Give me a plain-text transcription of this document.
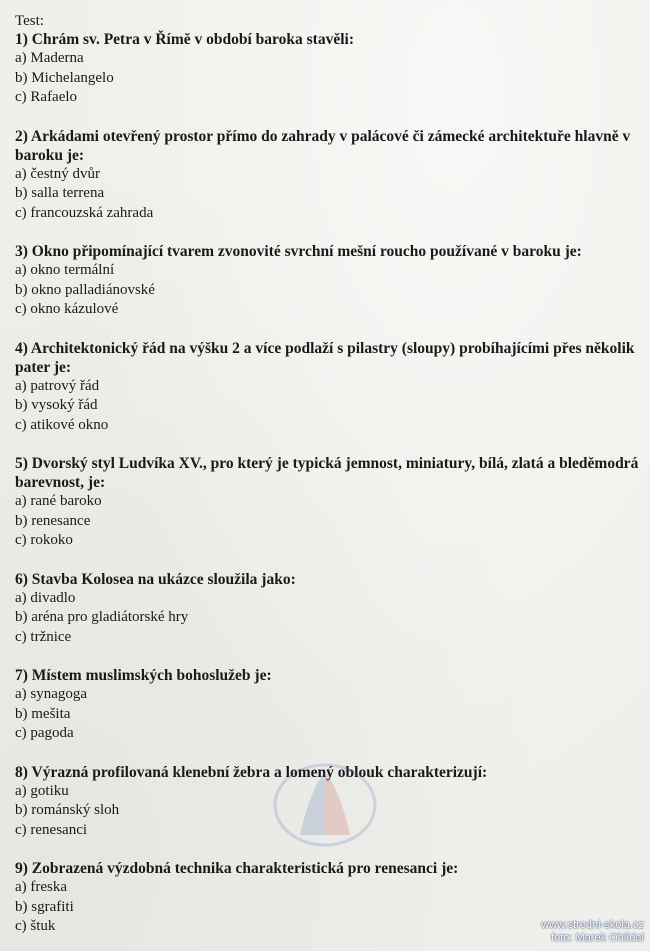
Test:

1) Chrám sv. Petra v Římě v období baroka stavěli:

a) Maderna

b) Michelangelo

c) Rafaelo

2) Arkádami otevřený prostor přímo do zahrady v palácové či zámecké architektuře hlavně v baroku je:

a) čestný dvůr

b) salla terrena

c) francouzská zahrada

3) Okno připomínající tvarem zvonovité svrchní mešní roucho používané v baroku je:

a) okno termální

b) okno palladiánovské

c) okno kázulové

4) Architektonický řád na výšku 2 a více podlaží s pilastry (sloupy) probíhajícími přes několik pater je:

a) patrový řád

b) vysoký řád

c) atikové okno

5) Dvorský styl Ludvíka XV., pro který je typická jemnost, miniatury, bílá, zlatá a bleděmodrá barevnost, je:

a) rané baroko

b) renesance

c) rokoko

6) Stavba Kolosea na ukázce sloužila jako:

a) divadlo

b) aréna pro gladiátorské hry

c) tržnice

7) Místem muslimských bohoslužeb je:

a) synagoga

b) mešita

c) pagoda

8) Výrazná profilovaná klenební žebra a lomený oblouk charakterizují:

a) gotiku

b) románský sloh

c) renesanci

9) Zobrazená výzdobná technika charakteristická pro renesanci je:

a) freska

b) sgrafiti

c) štuk	www.stredni-skola.cz
foto: Marek Ohlídal
